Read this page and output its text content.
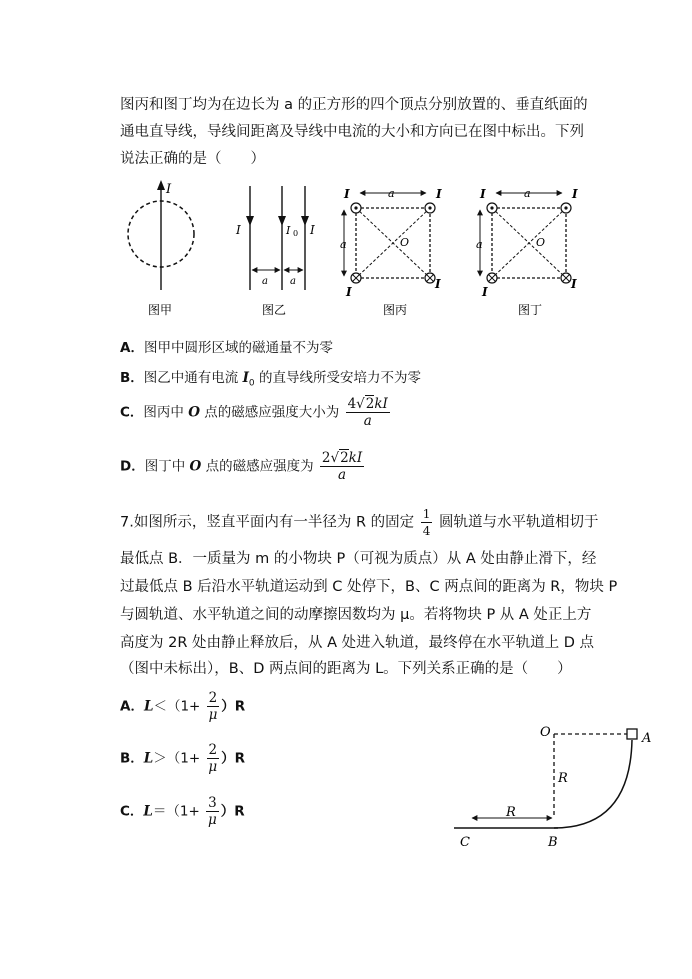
图丙和图丁均为在边长为 a 的正方形的四个顶点分别放置的、垂直纸面的
通电直导线，导线间距离及导线中电流的大小和方向已在图中标出。下列
说法正确的是（　　）
I
图甲
I	I 0 I
a a
图乙
I	I
I
I
a
a	O
图丙
I	I
I
I
a
a	O
图丁
A．图甲中圆形区域的磁通量不为零
B．图乙中通有电流 $I_0$ 的直导线所受安培力不为零
C．图丙中 O 点的磁感应强度大小为 $\frac{4√2kI}{a}$
D．图丁中 O 点的磁感应强度为 $\frac{2√2kI}{a}$
7.如图所示，竖直平面内有一半径为 R 的固定 $\frac{1}{4}$ 圆轨道与水平轨道相切于
最低点 B．一质量为 m 的小物块 P（可视为质点）从 A 处由静止滑下，经
过最低点 B 后沿水平轨道运动到 C 处停下，B、C 两点间的距离为 R，物块 P
与圆轨道、水平轨道之间的动摩擦因数均为 μ。若将物块 P 从 A 处正上方
高度为 2R 处由静止释放后，从 A 处进入轨道，最终停在水平轨道上 D 点
（图中未标出），B、D 两点间的距离为 L。下列关系正确的是（　　）
A．$L<(1+ \frac{2}{\mu} )R$
B．$L>(1+ \frac{2}{\mu} )R$
C．$L=(1+ \frac{3}{\mu} )R$
O	A
R
R
C	B
